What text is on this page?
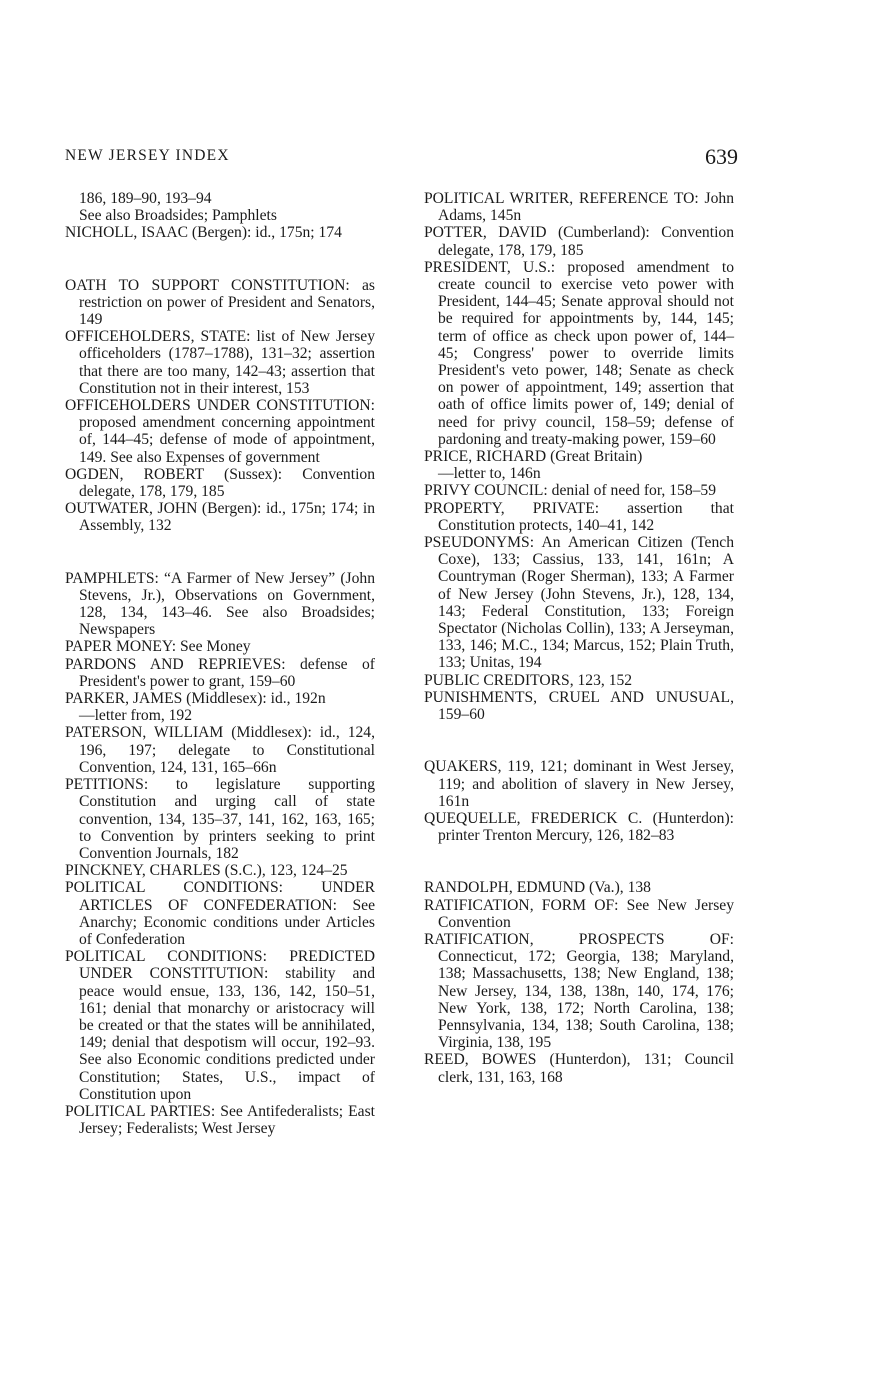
NEW JERSEY INDEX	639

186, 189–90, 193–94

See also Broadsides; Pamphlets

NICHOLL, ISAAC (Bergen): id., 175n; 174

OATH TO SUPPORT CONSTITUTION: as restriction on power of President and Senators, 149

OFFICEHOLDERS, STATE: list of New Jersey officeholders (1787–1788), 131–32; assertion that there are too many, 142–43; assertion that Constitution not in their interest, 153

OFFICEHOLDERS UNDER CONSTITUTION: proposed amendment concerning appointment of, 144–45; defense of mode of appointment, 149. See also Expenses of government

OGDEN, ROBERT (Sussex): Convention delegate, 178, 179, 185

OUTWATER, JOHN (Bergen): id., 175n; 174; in Assembly, 132

PAMPHLETS: “A Farmer of New Jersey” (John Stevens, Jr.), Observations on Government, 128, 134, 143–46. See also Broadsides; Newspapers

PAPER MONEY: See Money

PARDONS AND REPRIEVES: defense of President's power to grant, 159–60

PARKER, JAMES (Middlesex): id., 192n

—letter from, 192

PATERSON, WILLIAM (Middlesex): id., 124, 196, 197; delegate to Constitutional Convention, 124, 131, 165–66n

PETITIONS: to legislature supporting Constitution and urging call of state convention, 134, 135–37, 141, 162, 163, 165; to Convention by printers seeking to print Convention Journals, 182

PINCKNEY, CHARLES (S.C.), 123, 124–25

POLITICAL CONDITIONS: UNDER ARTICLES OF CONFEDERATION: See Anarchy; Economic conditions under Articles of Confederation

POLITICAL CONDITIONS: PREDICTED UNDER CONSTITUTION: stability and peace would ensue, 133, 136, 142, 150–51, 161; denial that monarchy or aristocracy will be created or that the states will be annihilated, 149; denial that despotism will occur, 192–93. See also Economic conditions predicted under Constitution; States, U.S., impact of Constitution upon

POLITICAL PARTIES: See Antifederalists; East Jersey; Federalists; West Jersey

POLITICAL WRITER, REFERENCE TO: John Adams, 145n

POTTER, DAVID (Cumberland): Convention delegate, 178, 179, 185

PRESIDENT, U.S.: proposed amendment to create council to exercise veto power with President, 144–45; Senate approval should not be required for appointments by, 144, 145; term of office as check upon power of, 144–45; Congress' power to override limits President's veto power, 148; Senate as check on power of appointment, 149; assertion that oath of office limits power of, 149; denial of need for privy council, 158–59; defense of pardoning and treaty-making power, 159–60

PRICE, RICHARD (Great Britain)

—letter to, 146n

PRIVY COUNCIL: denial of need for, 158–59

PROPERTY, PRIVATE: assertion that Constitution protects, 140–41, 142

PSEUDONYMS: An American Citizen (Tench Coxe), 133; Cassius, 133, 141, 161n; A Countryman (Roger Sherman), 133; A Farmer of New Jersey (John Stevens, Jr.), 128, 134, 143; Federal Constitution, 133; Foreign Spectator (Nicholas Collin), 133; A Jerseyman, 133, 146; M.C., 134; Marcus, 152; Plain Truth, 133; Unitas, 194

PUBLIC CREDITORS, 123, 152

PUNISHMENTS, CRUEL AND UNUSUAL, 159–60

QUAKERS, 119, 121; dominant in West Jersey, 119; and abolition of slavery in New Jersey, 161n

QUEQUELLE, FREDERICK C. (Hunterdon): printer Trenton Mercury, 126, 182–83

RANDOLPH, EDMUND (Va.), 138

RATIFICATION, FORM OF: See New Jersey Convention

RATIFICATION, PROSPECTS OF: Connecticut, 172; Georgia, 138; Maryland, 138; Massachusetts, 138; New England, 138; New Jersey, 134, 138, 138n, 140, 174, 176; New York, 138, 172; North Carolina, 138; Pennsylvania, 134, 138; South Carolina, 138; Virginia, 138, 195

REED, BOWES (Hunterdon), 131; Council clerk, 131, 163, 168
